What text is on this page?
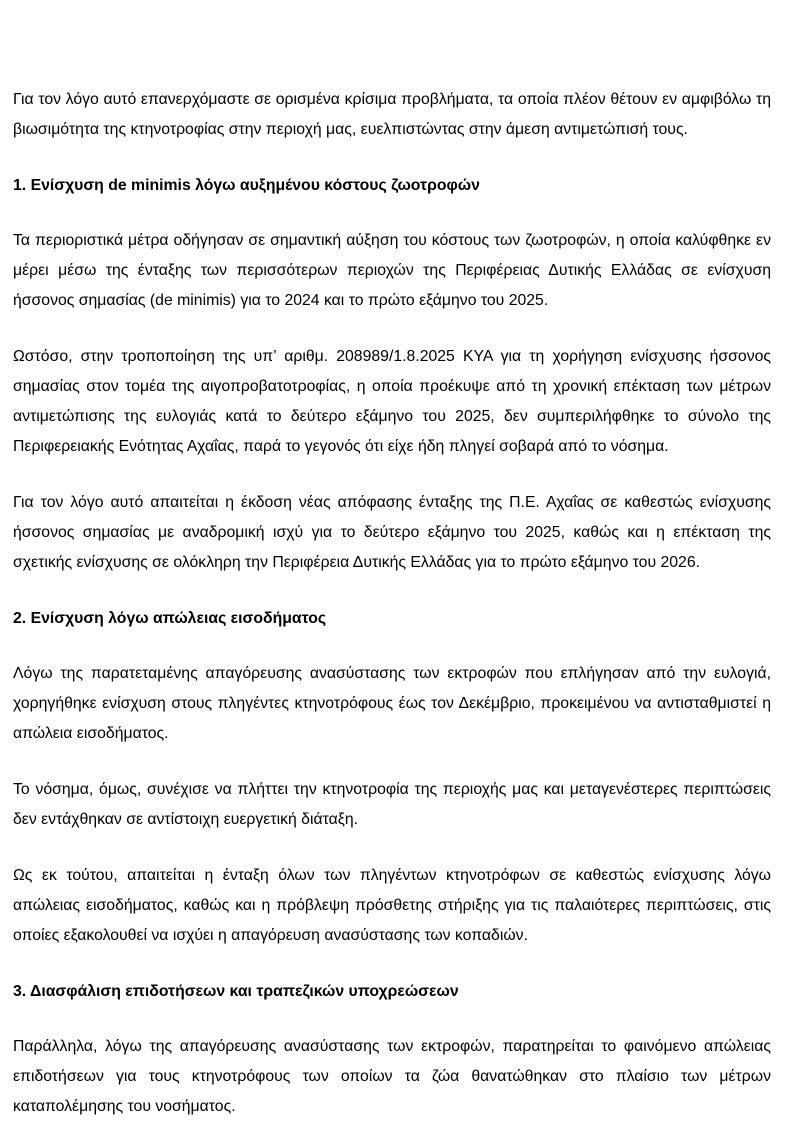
Για τον λόγο αυτό επανερχόμαστε σε ορισμένα κρίσιμα προβλήματα, τα οποία πλέον θέτουν εν αμφιβόλω τη βιωσιμότητα της κτηνοτροφίας στην περιοχή μας, ευελπιστώντας στην άμεση αντιμετώπισή τους.

1. Ενίσχυση de minimis λόγω αυξημένου κόστους ζωοτροφών

Τα περιοριστικά μέτρα οδήγησαν σε σημαντική αύξηση του κόστους των ζωοτροφών, η οποία καλύφθηκε εν μέρει μέσω της ένταξης των περισσότερων περιοχών της Περιφέρειας Δυτικής Ελλάδας σε ενίσχυση ήσσονος σημασίας (de minimis) για το 2024 και το πρώτο εξάμηνο του 2025.

Ωστόσο, στην τροποποίηση της υπ’ αριθμ. 208989/1.8.2025 ΚΥΑ για τη χορήγηση ενίσχυσης ήσσονος σημασίας στον τομέα της αιγοπροβατοτροφίας, η οποία προέκυψε από τη χρονική επέκταση των μέτρων αντιμετώπισης της ευλογιάς κατά το δεύτερο εξάμηνο του 2025, δεν συμπεριλήφθηκε το σύνολο της Περιφερειακής Ενότητας Αχαΐας, παρά το γεγονός ότι είχε ήδη πληγεί σοβαρά από το νόσημα.

Για τον λόγο αυτό απαιτείται η έκδοση νέας απόφασης ένταξης της Π.Ε. Αχαΐας σε καθεστώς ενίσχυσης ήσσονος σημασίας με αναδρομική ισχύ για το δεύτερο εξάμηνο του 2025, καθώς και η επέκταση της σχετικής ενίσχυσης σε ολόκληρη την Περιφέρεια Δυτικής Ελλάδας για το πρώτο εξάμηνο του 2026.

2. Ενίσχυση λόγω απώλειας εισοδήματος

Λόγω της παρατεταμένης απαγόρευσης ανασύστασης των εκτροφών που επλήγησαν από την ευλογιά, χορηγήθηκε ενίσχυση στους πληγέντες κτηνοτρόφους έως τον Δεκέμβριο, προκειμένου να αντισταθμιστεί η απώλεια εισοδήματος.

Το νόσημα, όμως, συνέχισε να πλήττει την κτηνοτροφία της περιοχής μας και μεταγενέστερες περιπτώσεις δεν εντάχθηκαν σε αντίστοιχη ευεργετική διάταξη.

Ως εκ τούτου, απαιτείται η ένταξη όλων των πληγέντων κτηνοτρόφων σε καθεστώς ενίσχυσης λόγω απώλειας εισοδήματος, καθώς και η πρόβλεψη πρόσθετης στήριξης για τις παλαιότερες περιπτώσεις, στις οποίες εξακολουθεί να ισχύει η απαγόρευση ανασύστασης των κοπαδιών.

3. Διασφάλιση επιδοτήσεων και τραπεζικών υποχρεώσεων

Παράλληλα, λόγω της απαγόρευσης ανασύστασης των εκτροφών, παρατηρείται το φαινόμενο απώλειας επιδοτήσεων για τους κτηνοτρόφους των οποίων τα ζώα θανατώθηκαν στο πλαίσιο των μέτρων καταπολέμησης του νοσήματος.
